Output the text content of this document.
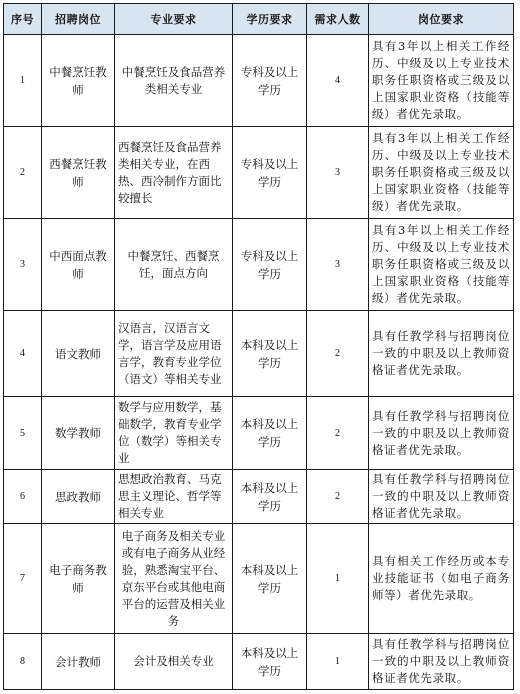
序号	招聘岗位	专业要求	学历要求	需求人数	岗位要求
1	中餐烹饪教师	中餐烹饪及食品营养类相关专业	专科及以上学历	4	具有3年以上相关工作经历、中级及以上专业技术职务任职资格或三级及以上国家职业资格（技能等级）者优先录取。
2	西餐烹饪教师	西餐烹饪及食品营养类相关专业，在西热、西冷制作方面比较擅长	专科及以上学历	3	具有3年以上相关工作经历、中级及以上专业技术职务任职资格或三级及以上国家职业资格（技能等级）者优先录取。
3	中西面点教师	中餐烹饪、西餐烹饪，面点方向	专科及以上学历	3	具有3年以上相关工作经历、中级及以上专业技术职务任职资格或三级及以上国家职业资格（技能等级）者优先录取。
4	语文教师	汉语言，汉语言文学，语言学及应用语言学，教育专业学位（语文）等相关专业	本科及以上学历	2	具有任教学科与招聘岗位一致的中职及以上教师资格证者优先录取。
5	数学教师	数学与应用数学，基础数学，教育专业学位（数学）等相关专业	本科及以上学历	2	具有任教学科与招聘岗位一致的中职及以上教师资格证者优先录取。
6	思政教师	思想政治教育、马克思主义理论、哲学等相关专业	本科及以上学历	2	具有任教学科与招聘岗位一致的中职及以上教师资格证者优先录取。
7	电子商务教师	电子商务及相关专业或有电子商务从业经验，熟悉淘宝平台、京东平台或其他电商平台的运营及相关业务	本科及以上学历	1	具有相关工作经历或本专业技能证书（如电子商务师等）者优先录取。
8	会计教师	会计及相关专业	本科及以上学历	1	具有任教学科与招聘岗位一致的中职及以上教师资格证者优先录取。
